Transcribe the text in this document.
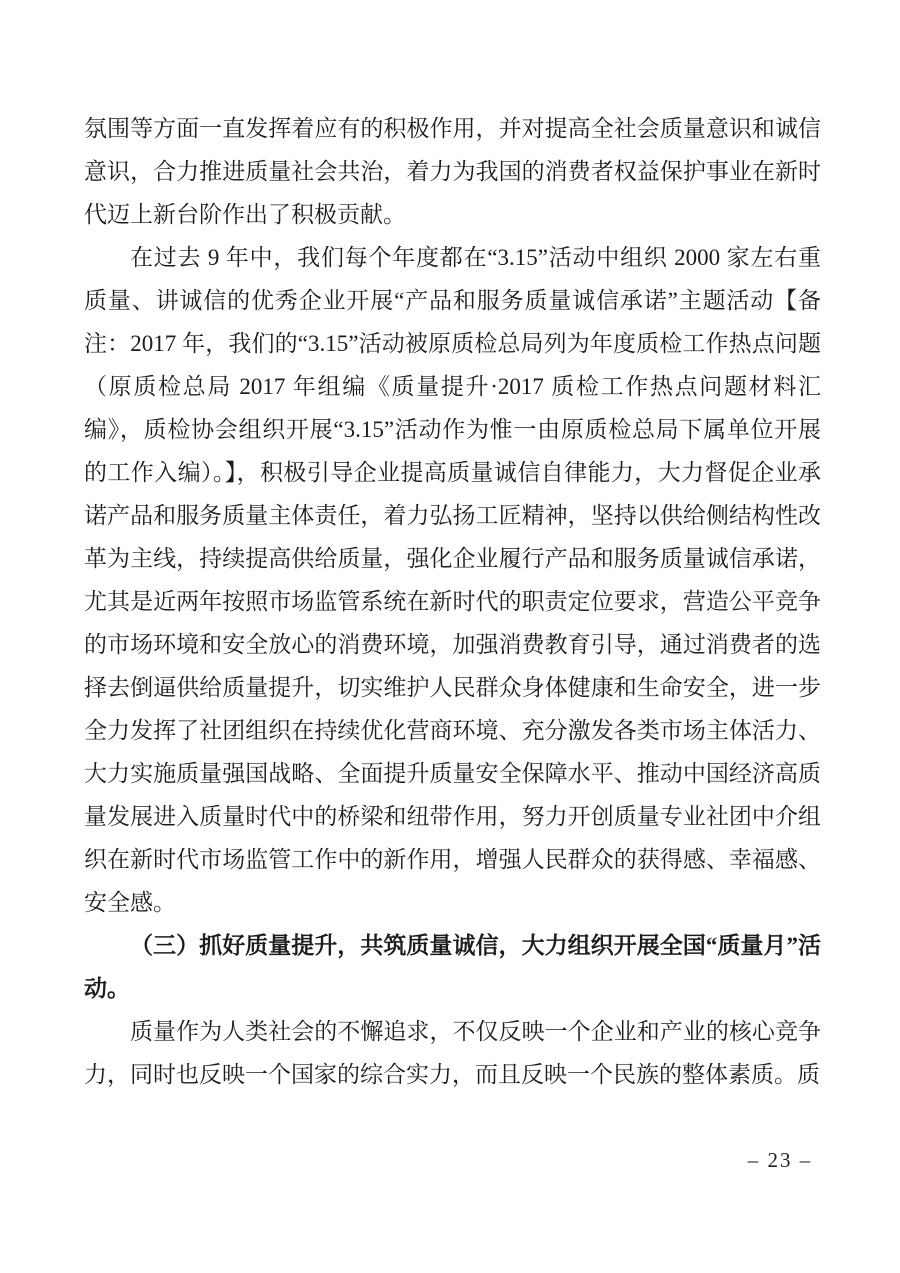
氛围等方面一直发挥着应有的积极作用，并对提高全社会质量意识和诚信意识，合力推进质量社会共治，着力为我国的消费者权益保护事业在新时代迈上新台阶作出了积极贡献。

在过去 9 年中，我们每个年度都在“3.15”活动中组织 2000 家左右重质量、讲诚信的优秀企业开展“产品和服务质量诚信承诺”主题活动【备注：2017 年，我们的“3.15”活动被原质检总局列为年度质检工作热点问题（原质检总局 2017 年组编《质量提升·2017 质检工作热点问题材料汇编》，质检协会组织开展“3.15”活动作为惟一由原质检总局下属单位开展的工作入编）。】，积极引导企业提高质量诚信自律能力，大力督促企业承诺产品和服务质量主体责任，着力弘扬工匠精神，坚持以供给侧结构性改革为主线，持续提高供给质量，强化企业履行产品和服务质量诚信承诺，尤其是近两年按照市场监管系统在新时代的职责定位要求，营造公平竞争的市场环境和安全放心的消费环境，加强消费教育引导，通过消费者的选择去倒逼供给质量提升，切实维护人民群众身体健康和生命安全，进一步全力发挥了社团组织在持续优化营商环境、充分激发各类市场主体活力、大力实施质量强国战略、全面提升质量安全保障水平、推动中国经济高质量发展进入质量时代中的桥梁和纽带作用，努力开创质量专业社团中介组织在新时代市场监管工作中的新作用，增强人民群众的获得感、幸福感、安全感。

（三）抓好质量提升，共筑质量诚信，大力组织开展全国“质量月”活动。

质量作为人类社会的不懈追求，不仅反映一个企业和产业的核心竞争力，同时也反映一个国家的综合实力，而且反映一个民族的整体素质。质

– 23 –
